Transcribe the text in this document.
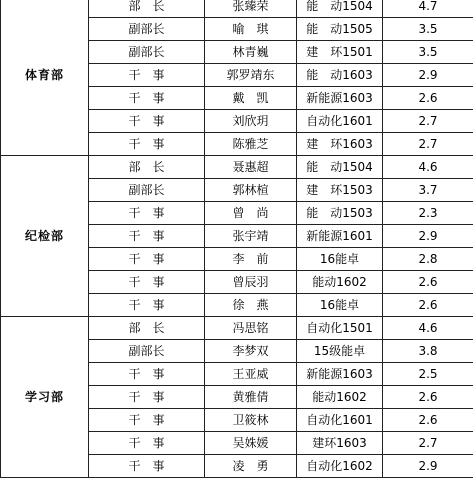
体育部	部　长	张臻荣	能　动1504	4.7
	副部长	喻　琪	能　动1505	3.5
	副部长	林青巍	建　环1501	3.5
	干　事	郭罗靖东	能　动1603	2.9
	干　事	戴　凯	新能源1603	2.6
	干　事	刘欣玥	自动化1601	2.7
	干　事	陈雅芝	建　环1603	2.7
纪检部	部　长	聂惠超	能　动1504	4.6
	副部长	郭林楦	建　环1503	3.7
	干　事	曾　尚	能　动1503	2.3
	干　事	张宇靖	新能源1601	2.9
	干　事	李　前	16能卓	2.8
	干　事	曾辰羽	能动1602	2.6
	干　事	徐　燕	16能卓	2.6
学习部	部　长	冯思铭	自动化1501	4.6
	副部长	李梦双	15级能卓	3.8
	干　事	王亚威	新能源1603	2.5
	干　事	黄雅倩	能动1602	2.6
	干　事	卫筱林	自动化1601	2.6
	干　事	吴姝媛	建环1603	2.7
	干　事	凌　勇	自动化1602	2.9
